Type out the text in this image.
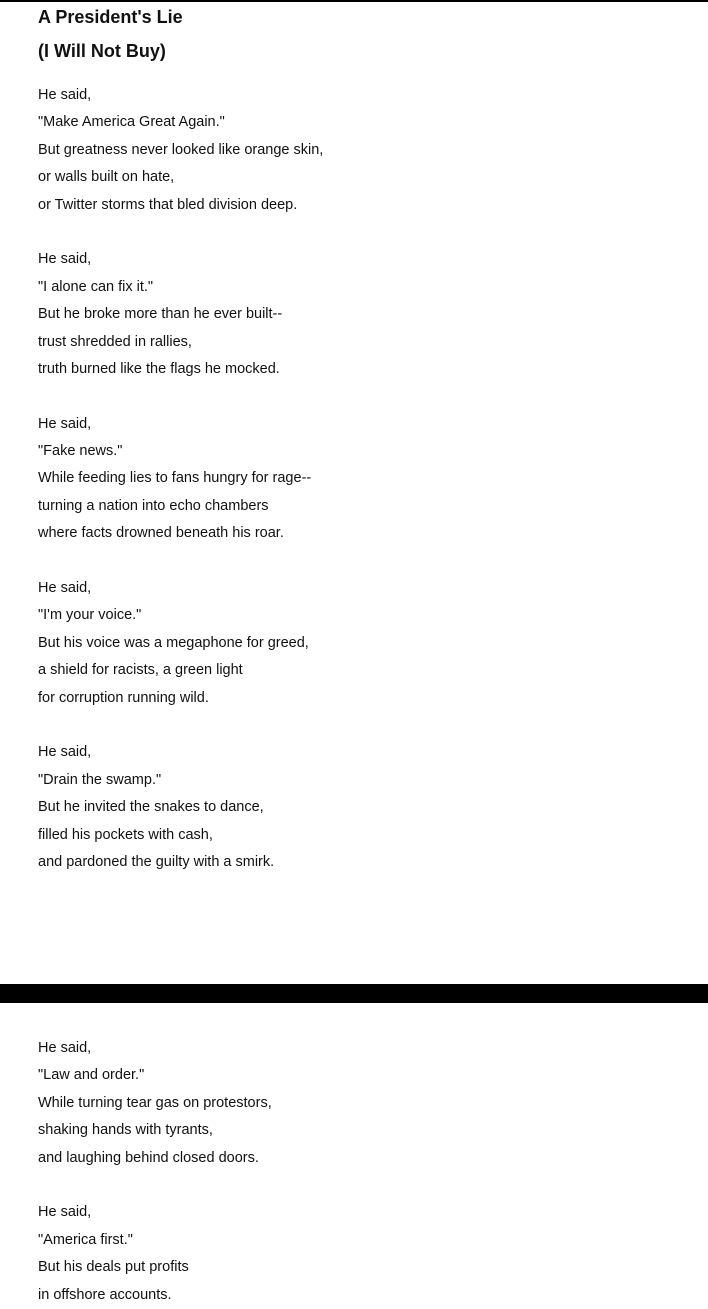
A President's Lie
(I Will Not Buy)
He said,
"Make America Great Again."
But greatness never looked like orange skin,
or walls built on hate,
or Twitter storms that bled division deep.
He said,
"I alone can fix it."
But he broke more than he ever built--
trust shredded in rallies,
truth burned like the flags he mocked.
He said,
"Fake news."
While feeding lies to fans hungry for rage--
turning a nation into echo chambers
where facts drowned beneath his roar.
He said,
"I'm your voice."
But his voice was a megaphone for greed,
a shield for racists, a green light
for corruption running wild.
He said,
"Drain the swamp."
But he invited the snakes to dance,
filled his pockets with cash,
and pardoned the guilty with a smirk.
He said,
"Law and order."
While turning tear gas on protestors,
shaking hands with tyrants,
and laughing behind closed doors.
He said,
"America first."
But his deals put profits
in offshore accounts.
